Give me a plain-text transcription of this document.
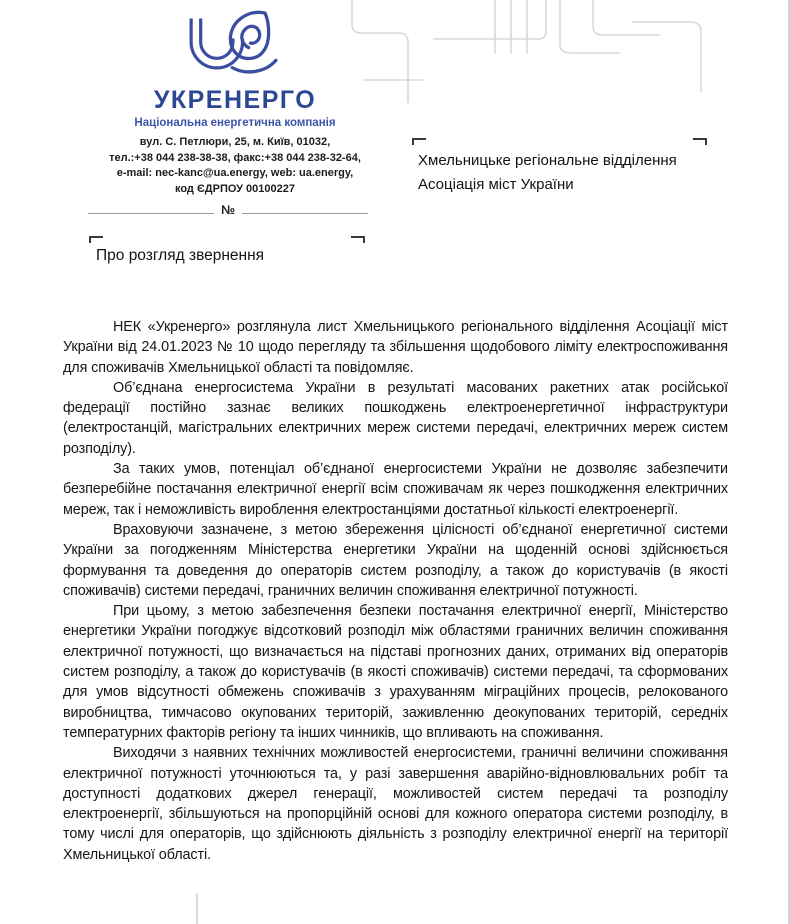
УКРЕНЕРГО
Національна енергетична компанія
вул. С. Петлюри, 25, м. Київ, 01032,
тел.:+38 044 238-38-38, факс:+38 044 238-32-64,
e-mail: nec-kanc@ua.energy, web: ua.energy,
код ЄДРПОУ 00100227
№
Хмельницьке регіональне відділення
Асоціація міст України
Про розгляд звернення

НЕК «Укренерго» розглянула лист Хмельницького регіонального відділення Асоціації міст України від 24.01.2023 № 10 щодо перегляду та збільшення щодобового ліміту електроспоживання для споживачів Хмельницької області та повідомляє.

Об’єднана енергосистема України в результаті масованих ракетних атак російської федерації постійно зазнає великих пошкоджень електроенергетичної інфраструктури (електростанцій, магістральних електричних мереж системи передачі, електричних мереж систем розподілу).

За таких умов, потенціал об’єднаної енергосистеми України не дозволяє забезпечити безперебійне постачання електричної енергії всім споживачам як через пошкодження електричних мереж, так і неможливість вироблення електростанціями достатньої кількості електроенергії.

Враховуючи зазначене, з метою збереження цілісності об’єднаної енергетичної системи України за погодженням Міністерства енергетики України на щоденній основі здійснюється формування та доведення до операторів систем розподілу, а також до користувачів (в якості споживачів) системи передачі, граничних величин споживання електричної потужності.

При цьому, з метою забезпечення безпеки постачання електричної енергії, Міністерство енергетики України погоджує відсотковий розподіл між областями граничних величин споживання електричної потужності, що визначається на підставі прогнозних даних, отриманих від операторів систем розподілу, а також до користувачів (в якості споживачів) системи передачі, та сформованих для умов відсутності обмежень споживачів з урахуванням міграційних процесів, релокованого виробництва, тимчасово окупованих територій, заживленню деокупованих територій, середніх температурних факторів регіону та інших чинників, що впливають на споживання.

Виходячи з наявних технічних можливостей енергосистеми, граничні величини споживання електричної потужності уточнюються та, у разі завершення аварійно-відновлювальних робіт та доступності додаткових джерел генерації, можливостей систем передачі та розподілу електроенергії, збільшуються на пропорційній основі для кожного оператора системи розподілу, в тому числі для операторів, що здійснюють діяльність з розподілу електричної енергії на території Хмельницької області.
